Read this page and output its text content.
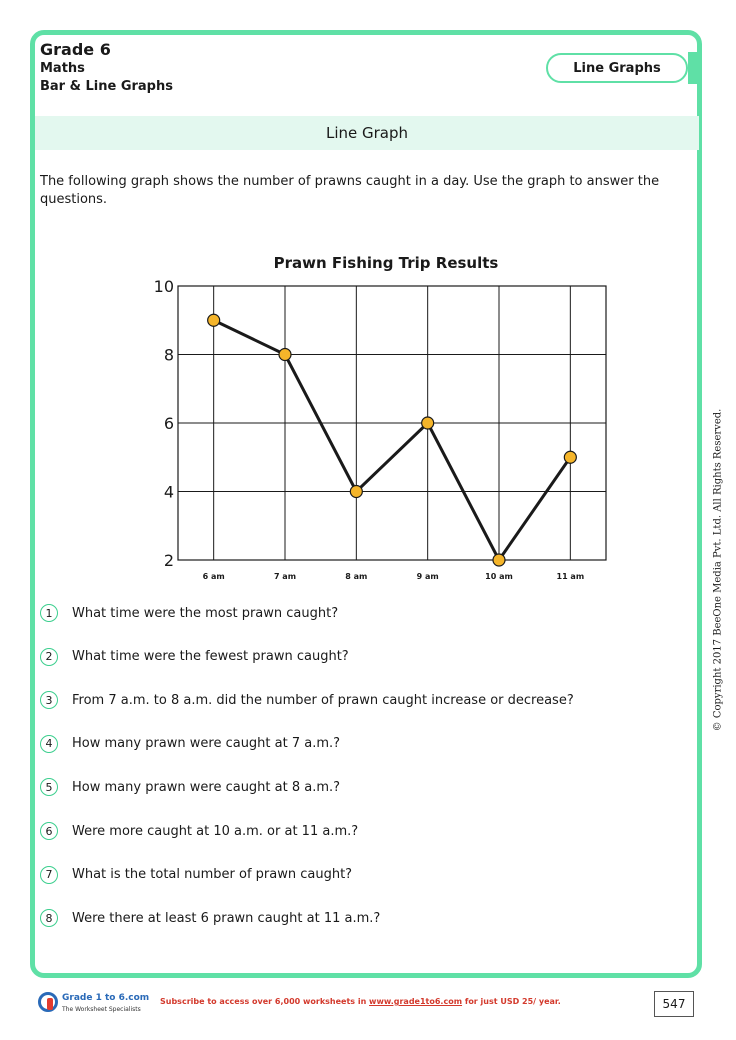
Grade 6
Maths
Bar & Line Graphs
Line Graphs
Line Graph
The following graph shows the number of prawns caught in a day. Use the graph to answer the questions.
Prawn Fishing Trip Results
2
4
6
8
10
6 am	7 am	8 am	9 am	10 am	11 am
1	What time were the most prawn caught?
2	What time were the fewest prawn caught?
3	From 7 a.m. to 8 a.m. did the number of prawn caught increase or decrease?
4	How many prawn were caught at 7 a.m.?
5	How many prawn were caught at 8 a.m.?
6	Were more caught at 10 a.m. or at 11 a.m.?
7	What is the total number of prawn caught?
8	Were there at least 6 prawn caught at 11 a.m.?
© Copyright 2017 BeeOne Media Pvt. Ltd. All Rights Reserved.
Grade 1 to 6.com
The Worksheet Specialists
Subscribe to access over 6,000 worksheets in www.grade1to6.com for just USD 25/ year.	547
